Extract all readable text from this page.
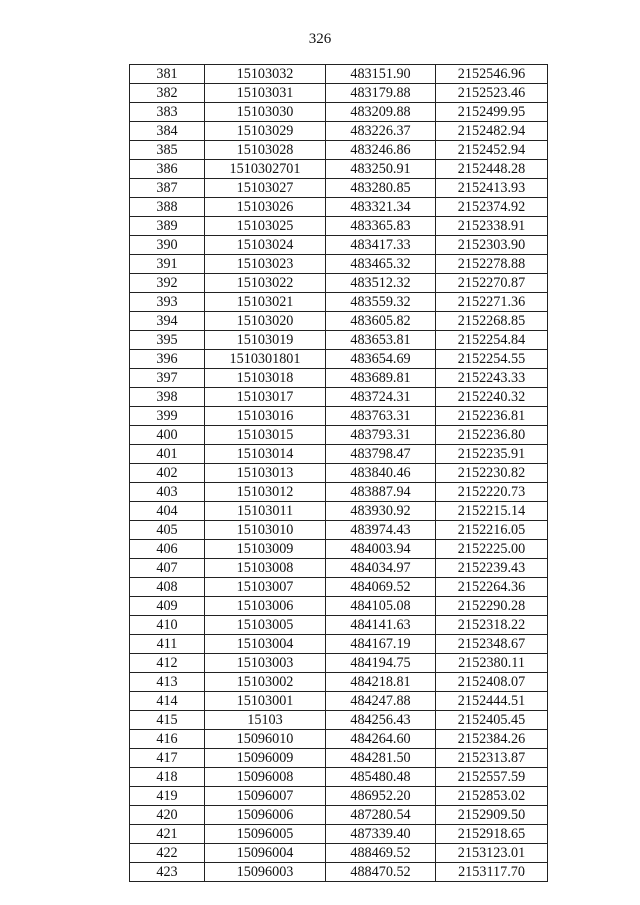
326
381	15103032	483151.90	2152546.96
382	15103031	483179.88	2152523.46
383	15103030	483209.88	2152499.95
384	15103029	483226.37	2152482.94
385	15103028	483246.86	2152452.94
386	1510302701	483250.91	2152448.28
387	15103027	483280.85	2152413.93
388	15103026	483321.34	2152374.92
389	15103025	483365.83	2152338.91
390	15103024	483417.33	2152303.90
391	15103023	483465.32	2152278.88
392	15103022	483512.32	2152270.87
393	15103021	483559.32	2152271.36
394	15103020	483605.82	2152268.85
395	15103019	483653.81	2152254.84
396	1510301801	483654.69	2152254.55
397	15103018	483689.81	2152243.33
398	15103017	483724.31	2152240.32
399	15103016	483763.31	2152236.81
400	15103015	483793.31	2152236.80
401	15103014	483798.47	2152235.91
402	15103013	483840.46	2152230.82
403	15103012	483887.94	2152220.73
404	15103011	483930.92	2152215.14
405	15103010	483974.43	2152216.05
406	15103009	484003.94	2152225.00
407	15103008	484034.97	2152239.43
408	15103007	484069.52	2152264.36
409	15103006	484105.08	2152290.28
410	15103005	484141.63	2152318.22
411	15103004	484167.19	2152348.67
412	15103003	484194.75	2152380.11
413	15103002	484218.81	2152408.07
414	15103001	484247.88	2152444.51
415	15103	484256.43	2152405.45
416	15096010	484264.60	2152384.26
417	15096009	484281.50	2152313.87
418	15096008	485480.48	2152557.59
419	15096007	486952.20	2152853.02
420	15096006	487280.54	2152909.50
421	15096005	487339.40	2152918.65
422	15096004	488469.52	2153123.01
423	15096003	488470.52	2153117.70
